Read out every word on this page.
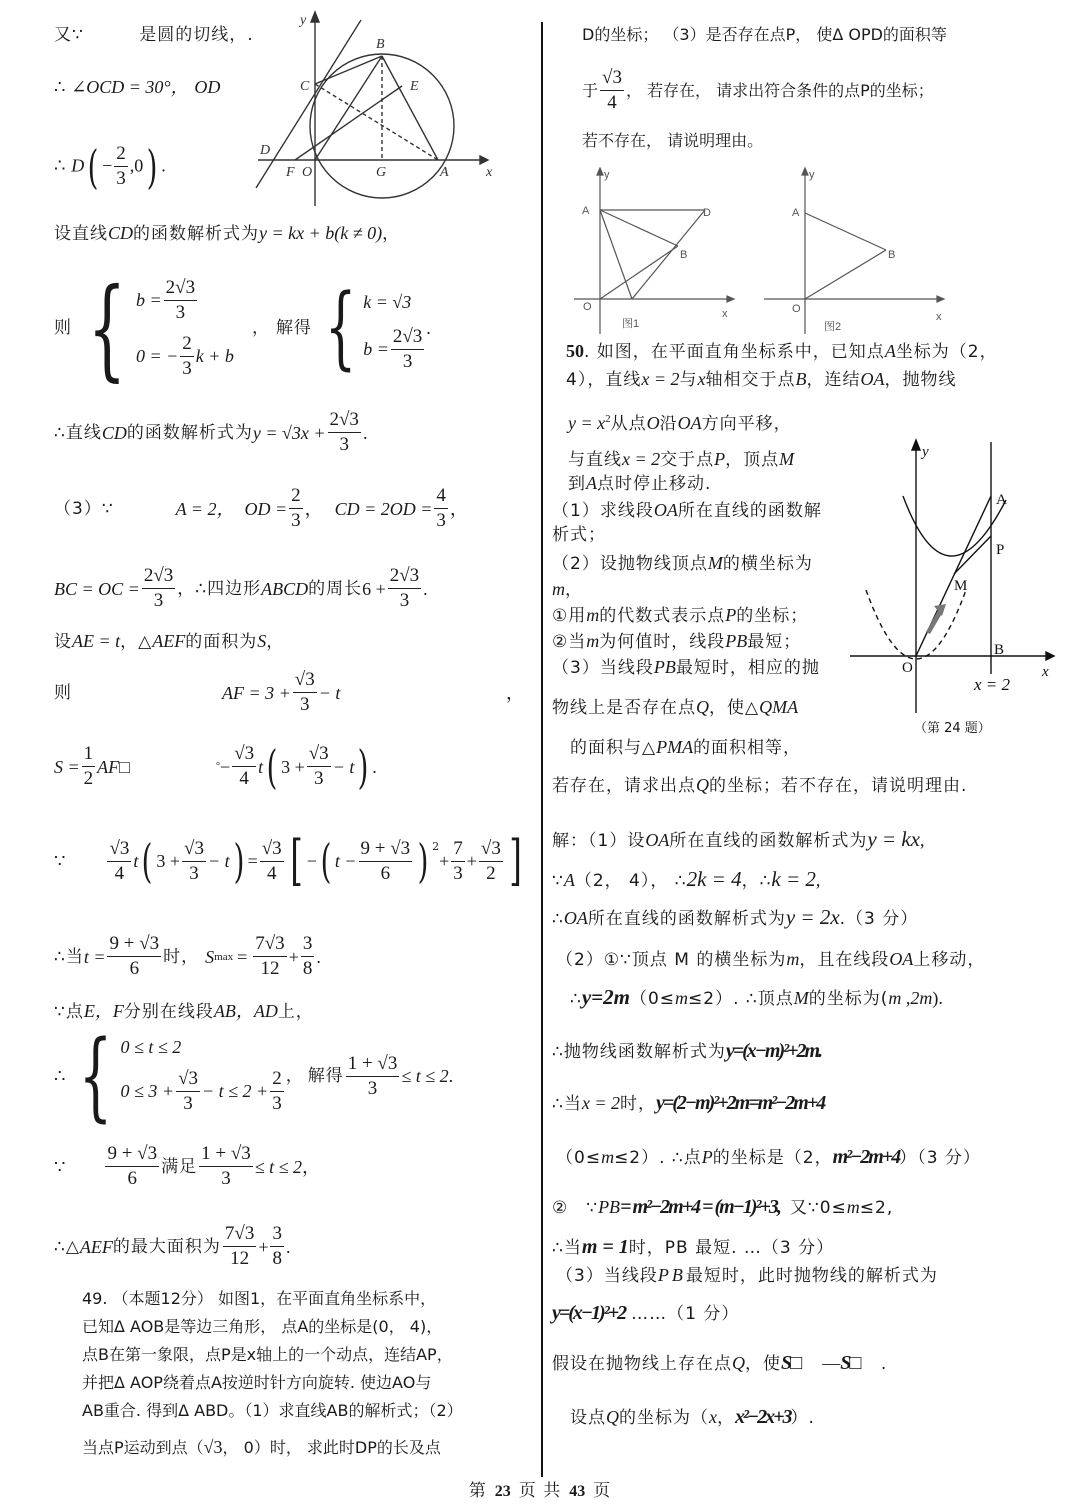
又∵	是圆的切线，.
∴ ∠OCD = 30°， OD
∴ $D( - \frac{2}{3} ,0)$ .
y
x
B
C	E
D
F O	G	A
设直线CD的函数解析式为y = kx + b(k ≠ 0)，
则 { $b = \frac{2√3}{3}$
0 = − $\frac{2}{3}$ k + b
， 解得 { k = √3
$b = \frac{2√3}{3}$ .
∴直线 CD 的函数解析式为 $y = √3x + \frac{2√3}{3}$ .
（3）∵	A = 2， OD = $\frac{2}{3}$ ， CD = $2OD = \frac{4}{3}$ ，
BC = OC = $\frac{2√3}{3}$ ，∴四边形 ABCD 的周长 $6 + \frac{2√3}{3}$ .
设AE = t，△AEF的面积为S，
则	AF = $3 + \frac{√3}{3} - t$	，
$S = \frac{1}{2}$ AF□	° − $\frac{√3}{4}$ t ( $3 + \frac{√3}{3} - t$ ) .
∵ $\frac{√3}{4}$ t ( $3 + \frac{√3}{3} - t$ ) = $\frac{√3}{4}$ [ − ( $t - \frac{9 + √3}{6}$ ) $^2$
+ $\frac{7}{3} + \frac{√3}{2}$ ]
∴当 $t = \frac{9 + √3}{6}$ 时， S $\max = \frac{7√3}{12} + \frac{3}{8}$ .
∵点E，F分别在线段AB，AD上，
∴ { 0 ≤ t ≤ 2
$0 \le 3 + \frac{√3}{3} - t \le 2 + \frac{2}{3}$ ， 解得 $\frac{1 + √3}{3} \le t \le 2$ .
∵ $\frac{9 + √3}{6}$ 满足 $\frac{1 + √3}{3} \le t \le 2$ ，
∴△ AEF 的最大面积为 $\frac{7√3}{12} + \frac{3}{8}$ .
49. （本题12分） 如图1，在平面直角坐标系中，
已知Δ AOB是等边三角形， 点A的坐标是(0， 4)，
点B在第一象限，点P是x轴上的一个动点，连结AP，
并把Δ AOP绕着点A按逆时针方向旋转. 使边AO与
AB重合. 得到Δ ABD。（1）求直线AB的解析式；（2）
当点P运动到点（√3， 0）时， 求此时DP的长及点
D的坐标； （3）是否存在点P， 使Δ OPD的面积等
于 $\frac{√3}{4}$ ， 若存在， 请求出符合条件的点P的坐标；
若不存在， 请说明理由。
y
A	D
B
O
x
图1
y
A
B
O
x
图2
50. 如图，在平面直角坐标系中，已知点A坐标为（2，
4），直线x = 2与x轴相交于点B，连结OA，抛物线
$y = x^2$从点O沿OA方向平移，
与直线x = 2交于点P，顶点M
到A点时停止移动.
（1）求线段OA所在直线的函数解
析式；
（2）设抛物线顶点M的横坐标为
m，
①用m的代数式表示点P的坐标；
②当m为何值时，线段PB最短；
（3）当线段PB最短时，相应的抛
物线上是否存在点Q，使△QMA
的面积与△PMA的面积相等，
若存在，请求出点Q的坐标；若不存在，请说明理由.
y
A
P
M
B
O	x
x = 2
（第 24 题）
解：（1）设OA所在直线的函数解析式为y = kx,
∵A（2， 4）， ∴2k = 4，∴k = 2,
∴OA所在直线的函数解析式为y = 2x.（3 分）
（2）①∵顶点 M 的横坐标为m，且在线段OA上移动，
∴y=2m（0≤m≤2）. ∴顶点M的坐标为(m ,2m).
∴抛物线函数解析式为y=(x−m)²+2m.
∴当x = 2时，y=(2−m)²+2m=m²−2m+4
（0≤m≤2）. ∴点P的坐标是（2，m²−2m+4）（3 分）
②　∵PB= m²−2m+4 = (m−1)²+3, 又∵0≤m≤2,
∴当m = 1时，PB 最短. …（3 分）
（3）当线段PB最短时，此时抛物线的解析式为
y=(x−1)²+2 ……（1 分）
假设在抛物线上存在点Q，使S□ —S□ .
设点Q的坐标为（x，x²−2x+3）.
第 23 页 共 43 页
